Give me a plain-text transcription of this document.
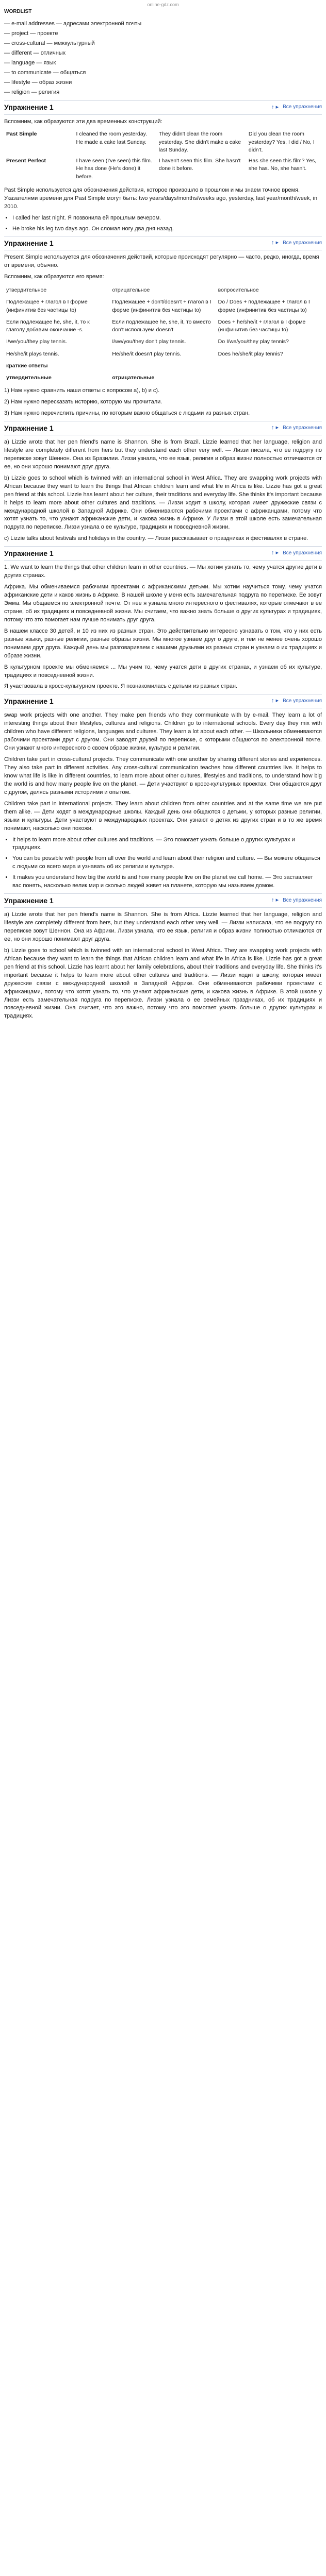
online-gdz.com
WORDLIST
— e-mail addresses — адресами электронной почты
— project — проекте
— cross-cultural — межкультурный
— different — отличных
— language — язык
— to communicate — общаться
— lifestyle — образ жизни
— religion — религия
Упражнение 1	↑ ▸ Все упражнения

Вспомним, как образуются эти два временных конструкций:

Past Simple	I cleaned the room yesterday. He made a cake last Sunday.	They didn't clean the room yesterday. She didn't make a cake last Sunday.	Did you clean the room yesterday? Yes, I did / No, I didn't.
Present Perfect	I have seen (I've seen) this film. He has done (He's done) it before.	I haven't seen this film. She hasn't done it before.	Has she seen this film? Yes, she has. No, she hasn't.

Past Simple используется для обозначения действия, которое произошло в прошлом и мы знаем точное время. Указателями времени для Past Simple могут быть: two years/days/months/weeks ago, yesterday, last year/month/week, in 2010.

• I called her last night. Я позвонила ей прошлым вечером.
• He broke his leg two days ago. Он сломал ногу два дня назад.
Упражнение 1	↑ ▸ Все упражнения

Present Simple используется для обозначения действий, которые происходят регулярно — часто, редко, иногда, время от времени, обычно.

Вспомним, как образуются его время:

утвердительное	отрицательное	вопросительное
Подлежащее + глагол в I форме (инфинитив без частицы to)	Подлежащее + don't/doesn't + глагол в I форме (инфинитив без частицы to)	Do / Does + подлежащее + глагол в I форме (инфинитив без частицы to)
Если подлежащее he, she, it, то к глаголу добавим окончание -s.	Если подлежащее he, she, it, то вместо don't используем doesn't	Does + he/she/it + глагол в I форме (инфинитив без частицы to)
I/we/you/they play tennis.	I/we/you/they don't play tennis.	Do I/we/you/they play tennis?
He/she/it plays tennis.	He/she/it doesn't play tennis.	Does he/she/it play tennis?
краткие ответы		
утвердительные	отрицательные	
1) Нам нужно сравнить наши ответы с вопросом a), b) и c).
2) Нам нужно пересказать историю, которую мы прочитали.
3) Нам нужно перечислить причины, по которым важно общаться с людьми из разных стран.
Упражнение 1	↑ ▸ Все упражнения

a) Lizzie wrote that her pen friend's name is Shannon. She is from Brazil. Lizzie learned that her language, religion and lifestyle are completely different from hers but they understand each other very well. — Лиззи писала, что ее подругу по переписке зовут Шеннон. Она из Бразилии. Лиззи узнала, что ее язык, религия и образ жизни полностью отличаются от ее, но они хорошо понимают друг друга.

b) Lizzie goes to school which is twinned with an international school in West Africa. They are swapping work projects with African because they want to learn the things that African children learn and what life in Africa is like. Lizzie has got a great pen friend at this school. Lizzie has learnt about her culture, their traditions and everyday life. She thinks it's important because it helps to learn more about other cultures and traditions. — Лиззи ходит в школу, которая имеет дружеские связи с международной школой в Западной Африке. Они обмениваются рабочими проектами с африканцами, потому что хотят узнать то, что узнают африканские дети, и какова жизнь в Африке. У Лиззи в этой школе есть замечательная подруга по переписке. Лиззи узнала о ее культуре, традициях и повседневной жизни.

c) Lizzie talks about festivals and holidays in the country. — Лиззи рассказывает о праздниках и фестивалях в стране.

Упражнение 1	↑ ▸ Все упражнения

1. We want to learn the things that other children learn in other countries. — Мы хотим узнать то, чему учатся другие дети в других странах.

Африка. Мы обмениваемся рабочими проектами с африканскими детьми. Мы хотим научиться тому, чему учатся африканские дети и каков жизнь в Африке. В нашей школе у меня есть замечательная подруга по переписке. Ее зовут Эмма. Мы общаемся по электронной почте. От нее я узнала много интересного о фестивалях, которые отмечают в ее стране, об их традициях и повседневной жизни. Мы считаем, что важно знать больше о других культурах и традициях, потому что это помогает нам лучше понимать друг друга.

В нашем классе 30 детей, и 10 из них из разных стран. Это действительно интересно узнавать о том, что у них есть разные языки, разные религии, разные образы жизни. Мы многое узнаем друг о друге, и тем не менее очень хорошо понимаем друг друга. Каждый день мы разговариваем с нашими друзьями из разных стран и узнаем о их традициях и образе жизни.

В культурном проекте мы обменяемся ... Мы учим то, чему учатся дети в других странах, и узнаем об их культуре, традициях и повседневной жизни.

Я участвовала в кросс-культурном проекте. Я познакомилась с детьми из разных стран.

Упражнение 1	↑ ▸ Все упражнения

swap work projects with one another. They make pen friends who they communicate with by e-mail. They learn a lot of interesting things about their lifestyles, cultures and religions. Children go to international schools. Every day they mix with children who have different religions, languages and cultures. They learn a lot about each other. — Школьники обмениваются рабочими проектами друг с другом. Они заводят друзей по переписке, с которыми общаются по электронной почте. Они узнают много интересного о своем образе жизни, культуре и религии.

Children take part in cross-cultural projects. They communicate with one another by sharing different stories and experiences. They also take part in different activities. Any cross-cultural communication teaches how different countries live. It helps to know what life is like in different countries, to learn more about other cultures, lifestyles and traditions, to understand how big the world is and how many people live on the planet. — Дети участвуют в кросс-культурных проектах. Они общаются друг с другом, делясь разными историями и опытом.

Children take part in international projects. They learn about children from other countries and at the same time we are put them alike. — Дети ходят в международные школы. Каждый день они общаются с детьми, у которых разные религии, языки и культуры. Дети участвуют в международных проектах. Они узнают о детях из других стран и в то же время понимают, насколько они похожи.

• It helps to learn more about other cultures and traditions. — Это помогает узнать больше о других культурах и традициях.
• You can be possible with people from all over the world and learn about their religion and culture. — Вы можете общаться с людьми со всего мира и узнавать об их религии и культуре.
• It makes you understand how big the world is and how many people live on the planet we call home. — Это заставляет вас понять, насколько велик мир и сколько людей живет на планете, которую мы называем домом.
Упражнение 1	↑ ▸ Все упражнения

a) Lizzie wrote that her pen friend's name is Shannon. She is from Africa. Lizzie learned that her language, religion and lifestyle are completely different from hers, but they understand each other very well. — Лиззи написала, что ее подругу по переписке зовут Шеннон. Она из Африки. Лиззи узнала, что ее язык, религия и образ жизни полностью отличаются от ее, но они хорошо понимают друг друга.

b) Lizzie goes to school which is twinned with an international school in West Africa. They are swapping work projects with African because they want to learn the things that African children learn and what life in Africa is like. Lizzie has got a great pen friend at this school. Lizzie has learnt about her family celebrations, about their traditions and everyday life. She thinks it's important because it helps to learn more about other cultures and traditions. — Лиззи ходит в школу, которая имеет дружеские связи с международной школой в Западной Африке. Они обмениваются рабочими проектами с африканцами, потому что хотят узнать то, что узнают африканские дети, и какова жизнь в Африке. В этой школе у Лиззи есть замечательная подруга по переписке. Лиззи узнала о ее семейных праздниках, об их традициях и повседневной жизни. Она считает, что это важно, потому что это помогает узнать больше о других культурах и традициях.
